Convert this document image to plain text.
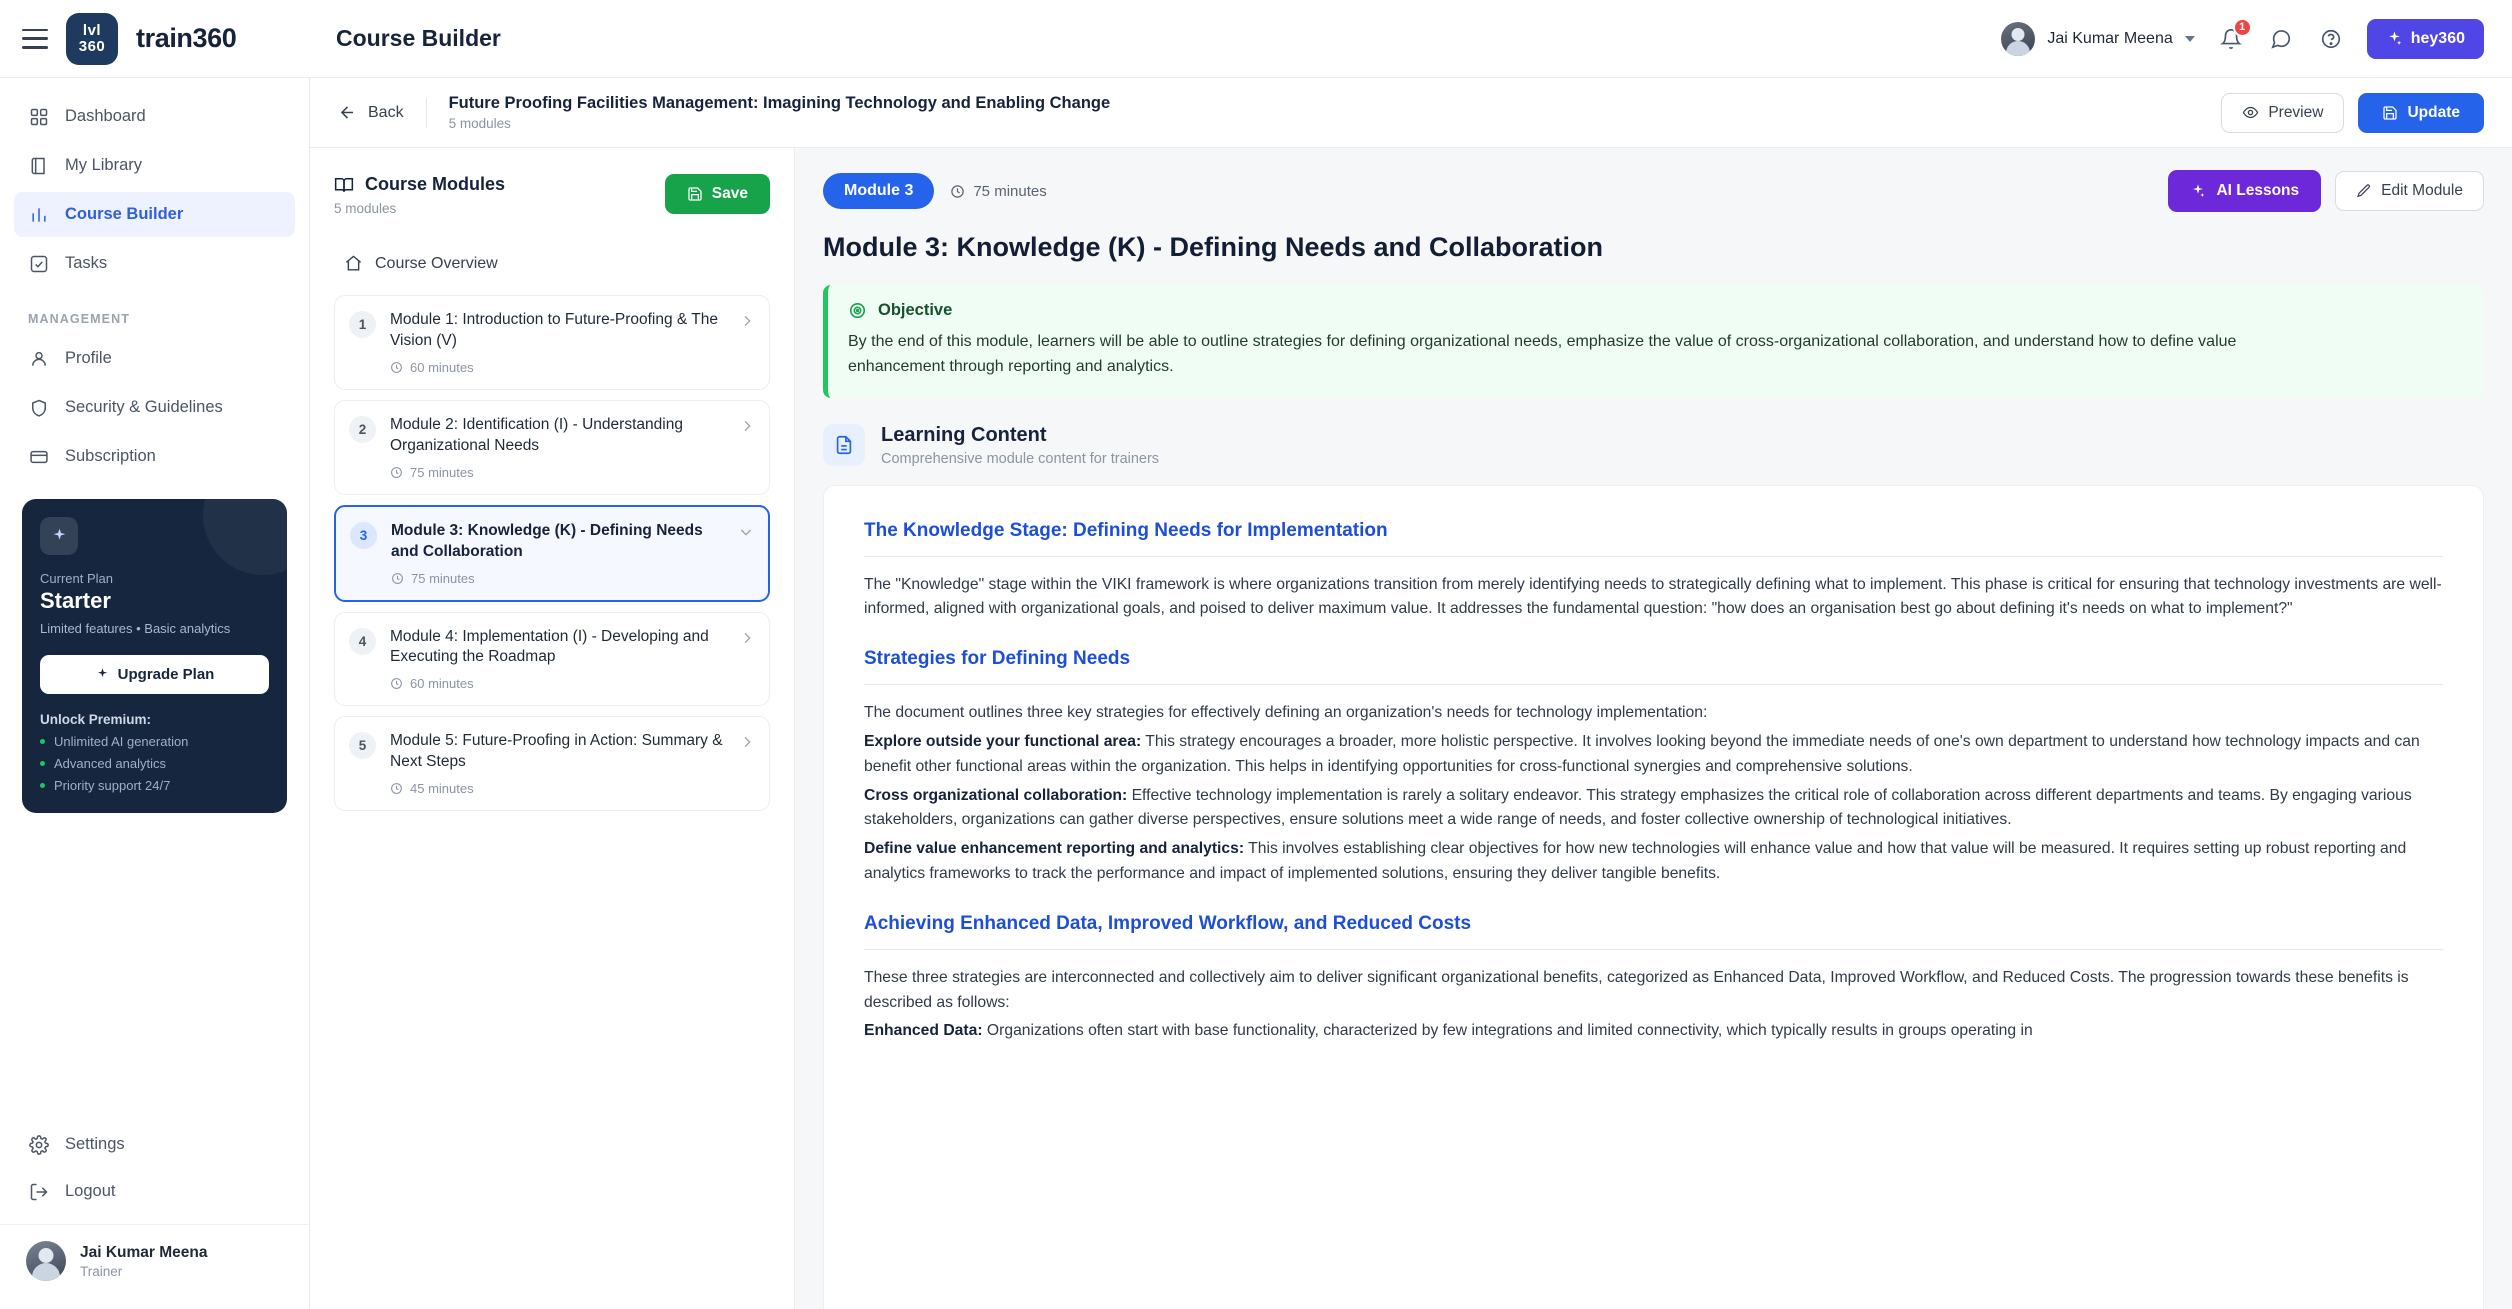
lvl
360 train360	Course Builder	Jai Kumar Meena
1
hey360
Dashboard
My Library
Course Builder
Tasks
MANAGEMENT
Profile
Security & Guidelines
Subscription
Current Plan
Starter
Limited features • Basic analytics
Upgrade Plan
Unlock Premium:
Unlimited AI generation
Advanced analytics
Priority support 24/7
Settings
Logout
Jai Kumar Meena
Trainer
Back	Future Proofing Facilities Management: Imagining Technology and Enabling Change
5 modules
Preview	Update
Course Modules
5 modules
Save
Course Overview
1	Module 1: Introduction to Future-Proofing & The Vision (V)
60 minutes
2	Module 2: Identification (I) - Understanding Organizational Needs
75 minutes
3	Module 3: Knowledge (K) - Defining Needs and Collaboration
75 minutes
4	Module 4: Implementation (I) - Developing and Executing the Roadmap
60 minutes
5	Module 5: Future-Proofing in Action: Summary & Next Steps
45 minutes
Module 3	75 minutes	AI Lessons	Edit Module
Module 3: Knowledge (K) - Defining Needs and Collaboration
Objective
By the end of this module, learners will be able to outline strategies for defining organizational needs, emphasize the value of cross-organizational collaboration, and understand how to define value enhancement through reporting and analytics.
Learning Content
Comprehensive module content for trainers
The Knowledge Stage: Defining Needs for Implementation
The "Knowledge" stage within the VIKI framework is where organizations transition from merely identifying needs to strategically defining what to implement. This phase is critical for ensuring that technology investments are well-informed, aligned with organizational goals, and poised to deliver maximum value. It addresses the fundamental question: "how does an organisation best go about defining it's needs on what to implement?"
Strategies for Defining Needs
The document outlines three key strategies for effectively defining an organization's needs for technology implementation:
Explore outside your functional area: This strategy encourages a broader, more holistic perspective. It involves looking beyond the immediate needs of one's own department to understand how technology impacts and can benefit other functional areas within the organization. This helps in identifying opportunities for cross-functional synergies and comprehensive solutions.
Cross organizational collaboration: Effective technology implementation is rarely a solitary endeavor. This strategy emphasizes the critical role of collaboration across different departments and teams. By engaging various stakeholders, organizations can gather diverse perspectives, ensure solutions meet a wide range of needs, and foster collective ownership of technological initiatives.
Define value enhancement reporting and analytics: This involves establishing clear objectives for how new technologies will enhance value and how that value will be measured. It requires setting up robust reporting and analytics frameworks to track the performance and impact of implemented solutions, ensuring they deliver tangible benefits.
Achieving Enhanced Data, Improved Workflow, and Reduced Costs
These three strategies are interconnected and collectively aim to deliver significant organizational benefits, categorized as Enhanced Data, Improved Workflow, and Reduced Costs. The progression towards these benefits is described as follows:
Enhanced Data: Organizations often start with base functionality, characterized by few integrations and limited connectivity, which typically results in groups operating in
